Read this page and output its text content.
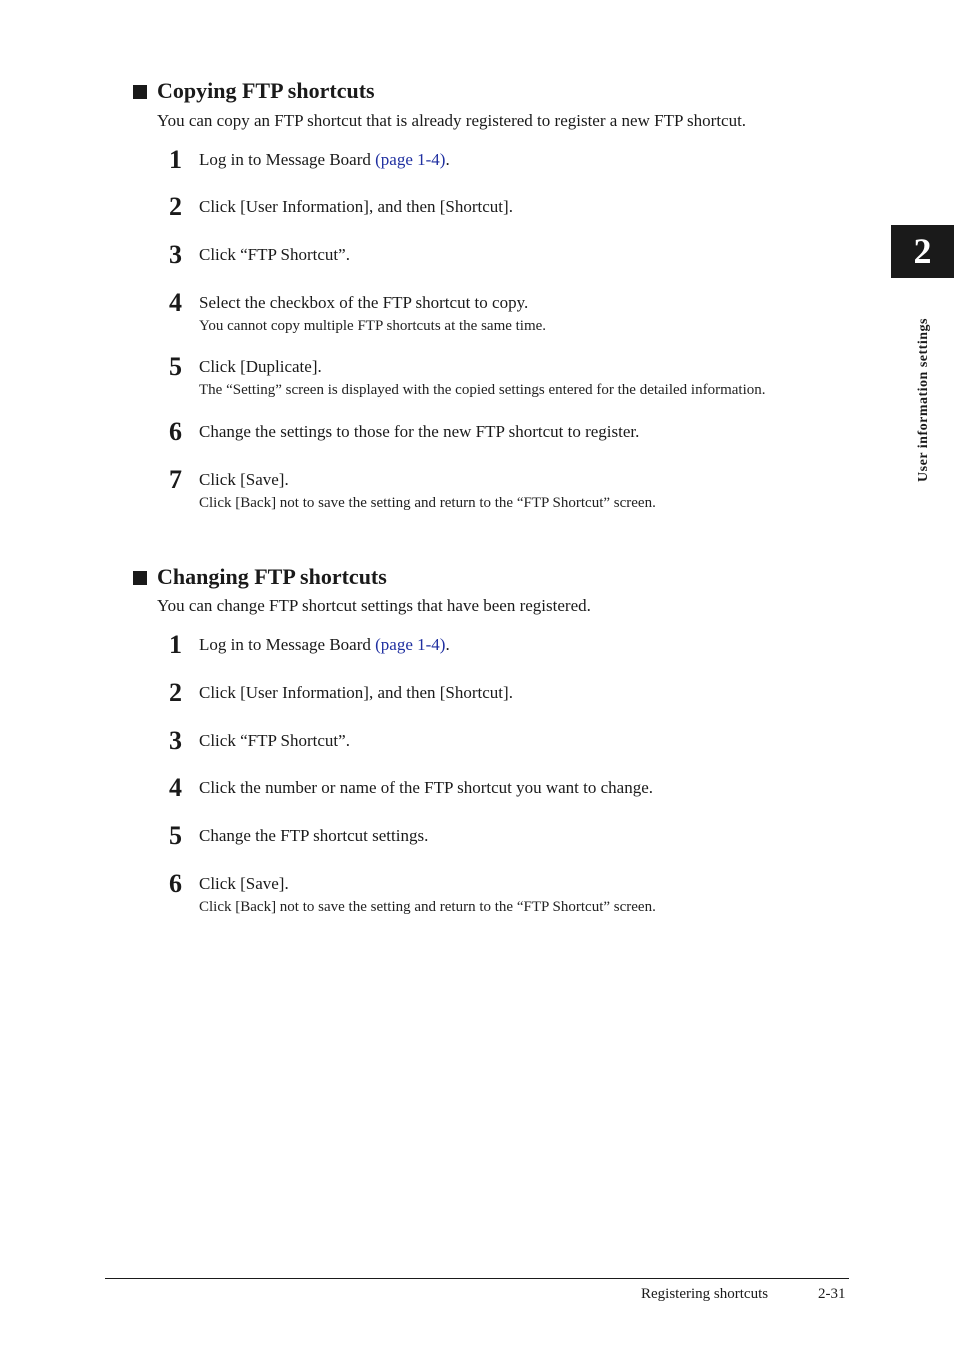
Copying FTP shortcuts
You can copy an FTP shortcut that is already registered to register a new FTP shortcut.
1 Log in to Message Board (page 1-4).
2 Click [User Information], and then [Shortcut].
3 Click “FTP Shortcut”.
4 Select the checkbox of the FTP shortcut to copy.
You cannot copy multiple FTP shortcuts at the same time.
5 Click [Duplicate].
The “Setting” screen is displayed with the copied settings entered for the detailed information.
6 Change the settings to those for the new FTP shortcut to register.
7 Click [Save].
Click [Back] not to save the setting and return to the “FTP Shortcut” screen.
Changing FTP shortcuts
You can change FTP shortcut settings that have been registered.
1 Log in to Message Board (page 1-4).
2 Click [User Information], and then [Shortcut].
3 Click “FTP Shortcut”.
4 Click the number or name of the FTP shortcut you want to change.
5 Change the FTP shortcut settings.
6 Click [Save].
Click [Back] not to save the setting and return to the “FTP Shortcut” screen.
2
User information settings
Registering shortcuts	2-31
